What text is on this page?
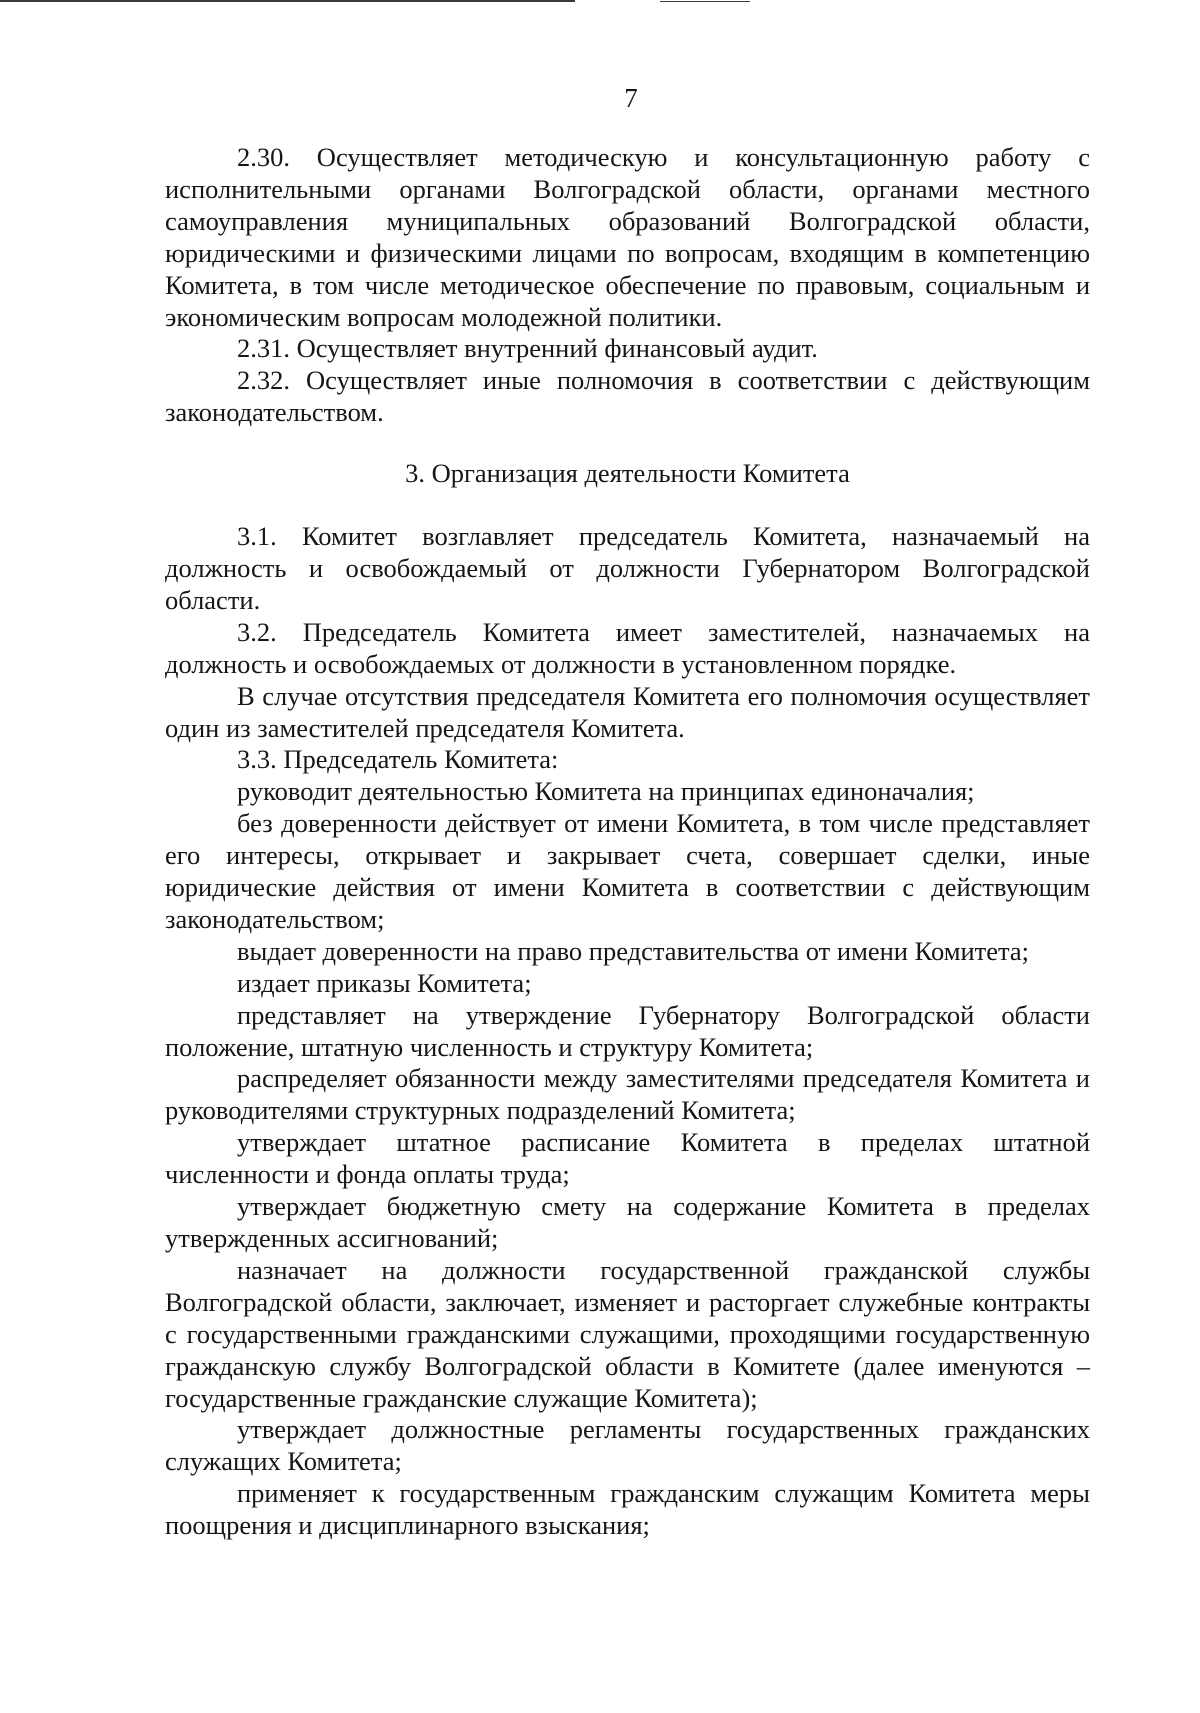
7

2.30. Осуществляет методическую и консультационную работу с исполнительными органами Волгоградской области, органами местного самоуправления муниципальных образований Волгоградской области, юридическими и физическими лицами по вопросам, входящим в компетенцию Комитета, в том числе методическое обеспечение по правовым, социальным и экономическим вопросам молодежной политики.

2.31. Осуществляет внутренний финансовый аудит.

2.32. Осуществляет иные полномочия в соответствии с действующим законодательством.

3. Организация деятельности Комитета

3.1. Комитет возглавляет председатель Комитета, назначаемый на должность и освобождаемый от должности Губернатором Волгоградской области.

3.2. Председатель Комитета имеет заместителей, назначаемых на должность и освобождаемых от должности в установленном порядке.

В случае отсутствия председателя Комитета его полномочия осуществляет один из заместителей председателя Комитета.

3.3. Председатель Комитета:

руководит деятельностью Комитета на принципах единоначалия;

без доверенности действует от имени Комитета, в том числе представляет его интересы, открывает и закрывает счета, совершает сделки, иные юридические действия от имени Комитета в соответствии с действующим законодательством;

выдает доверенности на право представительства от имени Комитета;

издает приказы Комитета;

представляет на утверждение Губернатору Волгоградской области положение, штатную численность и структуру Комитета;

распределяет обязанности между заместителями председателя Комитета и руководителями структурных подразделений Комитета;

утверждает штатное расписание Комитета в пределах штатной численности и фонда оплаты труда;

утверждает бюджетную смету на содержание Комитета в пределах утвержденных ассигнований;

назначает на должности государственной гражданской службы Волгоградской области, заключает, изменяет и расторгает служебные контракты с государственными гражданскими служащими, проходящими государственную гражданскую службу Волгоградской области в Комитете (далее именуются – государственные гражданские служащие Комитета);

утверждает должностные регламенты государственных гражданских служащих Комитета;

применяет к государственным гражданским служащим Комитета меры поощрения и дисциплинарного взыскания;
